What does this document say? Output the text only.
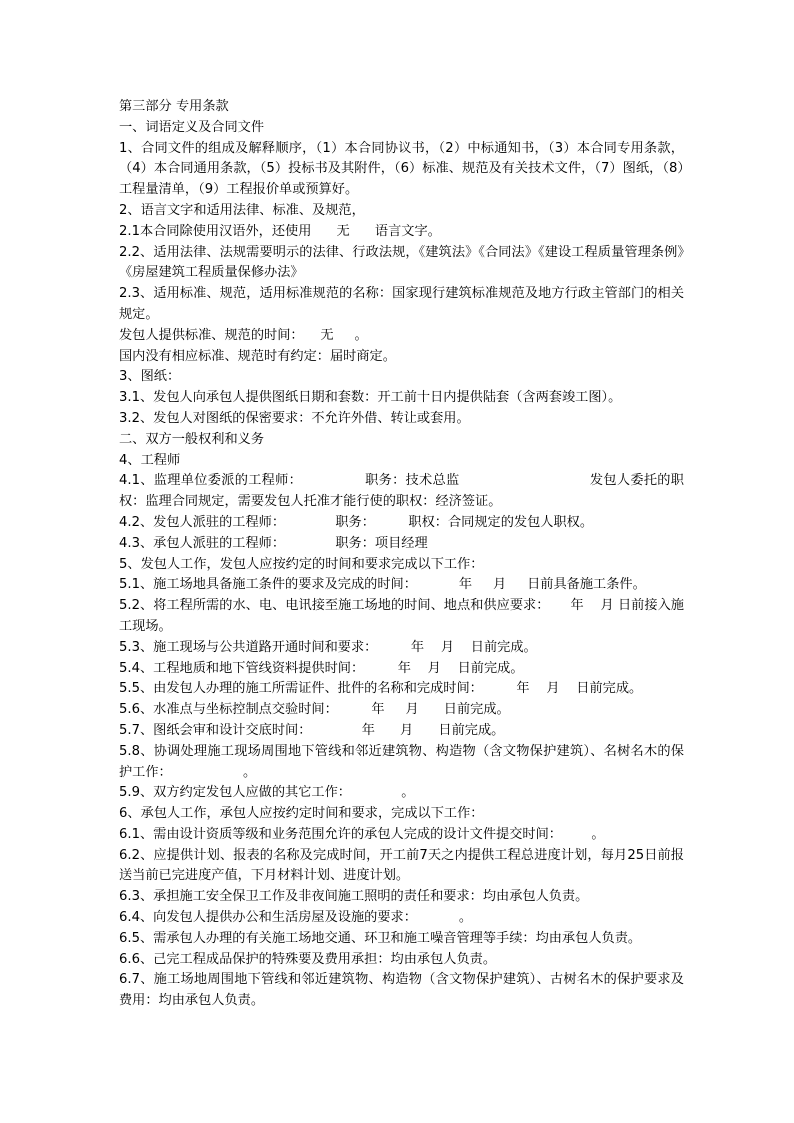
第三部分 专用条款

一、词语定义及合同文件

1、合同文件的组成及解释顺序，（1）本合同协议书，（2）中标通知书，（3）本合同专用条款，（4）本合同通用条款，（5）投标书及其附件，（6）标准、规范及有关技术文件，（7）图纸，（8）工程量清单，（9）工程报价单或预算好。

2、语言文字和适用法律、标准、及规范，

2.1本合同除使用汉语外，还使用      无      语言文字。

2.2、适用法律、法规需要明示的法律、行政法规，《建筑法》《合同法》《建设工程质量管理条例》《房屋建筑工程质量保修办法》

2.3、适用标准、规范，适用标准规范的名称：国家现行建筑标准规范及地方行政主管部门的相关规定。

发包人提供标准、规范的时间：    无     。

国内没有相应标准、规范时有约定：届时商定。

3、图纸：

3.1、发包人向承包人提供图纸日期和套数：开工前十日内提供陆套（含两套竣工图）。

3.2、发包人对图纸的保密要求：不允许外借、转让或套用。

二、双方一般权利和义务

4、工程师

4.1、监理单位委派的工程师：              职务：技术总监                             发包人委托的职权：监理合同规定，需要发包人托准才能行使的职权：经济签证。

4.2、发包人派驻的工程师：            职务：        职权：合同规定的发包人职权。

4.3、承包人派驻的工程师：            职务：项目经理

5、发包人工作，发包人应按约定的时间和要求完成以下工作：

5.1、施工场地具备施工条件的要求及完成的时间：          年     月     日前具备施工条件。

5.2、将工程所需的水、电、电讯接至施工场地的时间、地点和供应要求：     年    月 日前接入施工现场。

5.3、施工现场与公共道路开通时间和要求：        年    月    日前完成。

5.4、工程地质和地下管线资料提供时间：        年    月    日前完成。

5.5、由发包人办理的施工所需证件、批件的名称和完成时间：        年    月    日前完成。

5.6、水准点与坐标控制点交验时间：        年     月      日前完成。

5.7、图纸会审和设计交底时间：            年      月      日前完成。

5.8、协调处理施工现场周围地下管线和邻近建筑物、构造物（含文物保护建筑）、名树名木的保护工作：                 。

5.9、双方约定发包人应做的其它工作：            。

6、承包人工作，承包人应按约定时间和要求，完成以下工作：

6.1、需由设计资质等级和业务范围允许的承包人完成的设计文件提交时间：       。

6.2、应提供计划、报表的名称及完成时间，开工前7天之内提供工程总进度计划，每月25日前报送当前已完进度产值，下月材料计划、进度计划。

6.3、承担施工安全保卫工作及非夜间施工照明的责任和要求：均由承包人负责。

6.4、向发包人提供办公和生活房屋及设施的要求：          。

6.5、需承包人办理的有关施工场地交通、环卫和施工噪音管理等手续：均由承包人负责。

6.6、己完工程成品保护的特殊要及费用承担：均由承包人负责。

6.7、施工场地周围地下管线和邻近建筑物、构造物（含文物保护建筑）、古树名木的保护要求及费用：均由承包人负责。
